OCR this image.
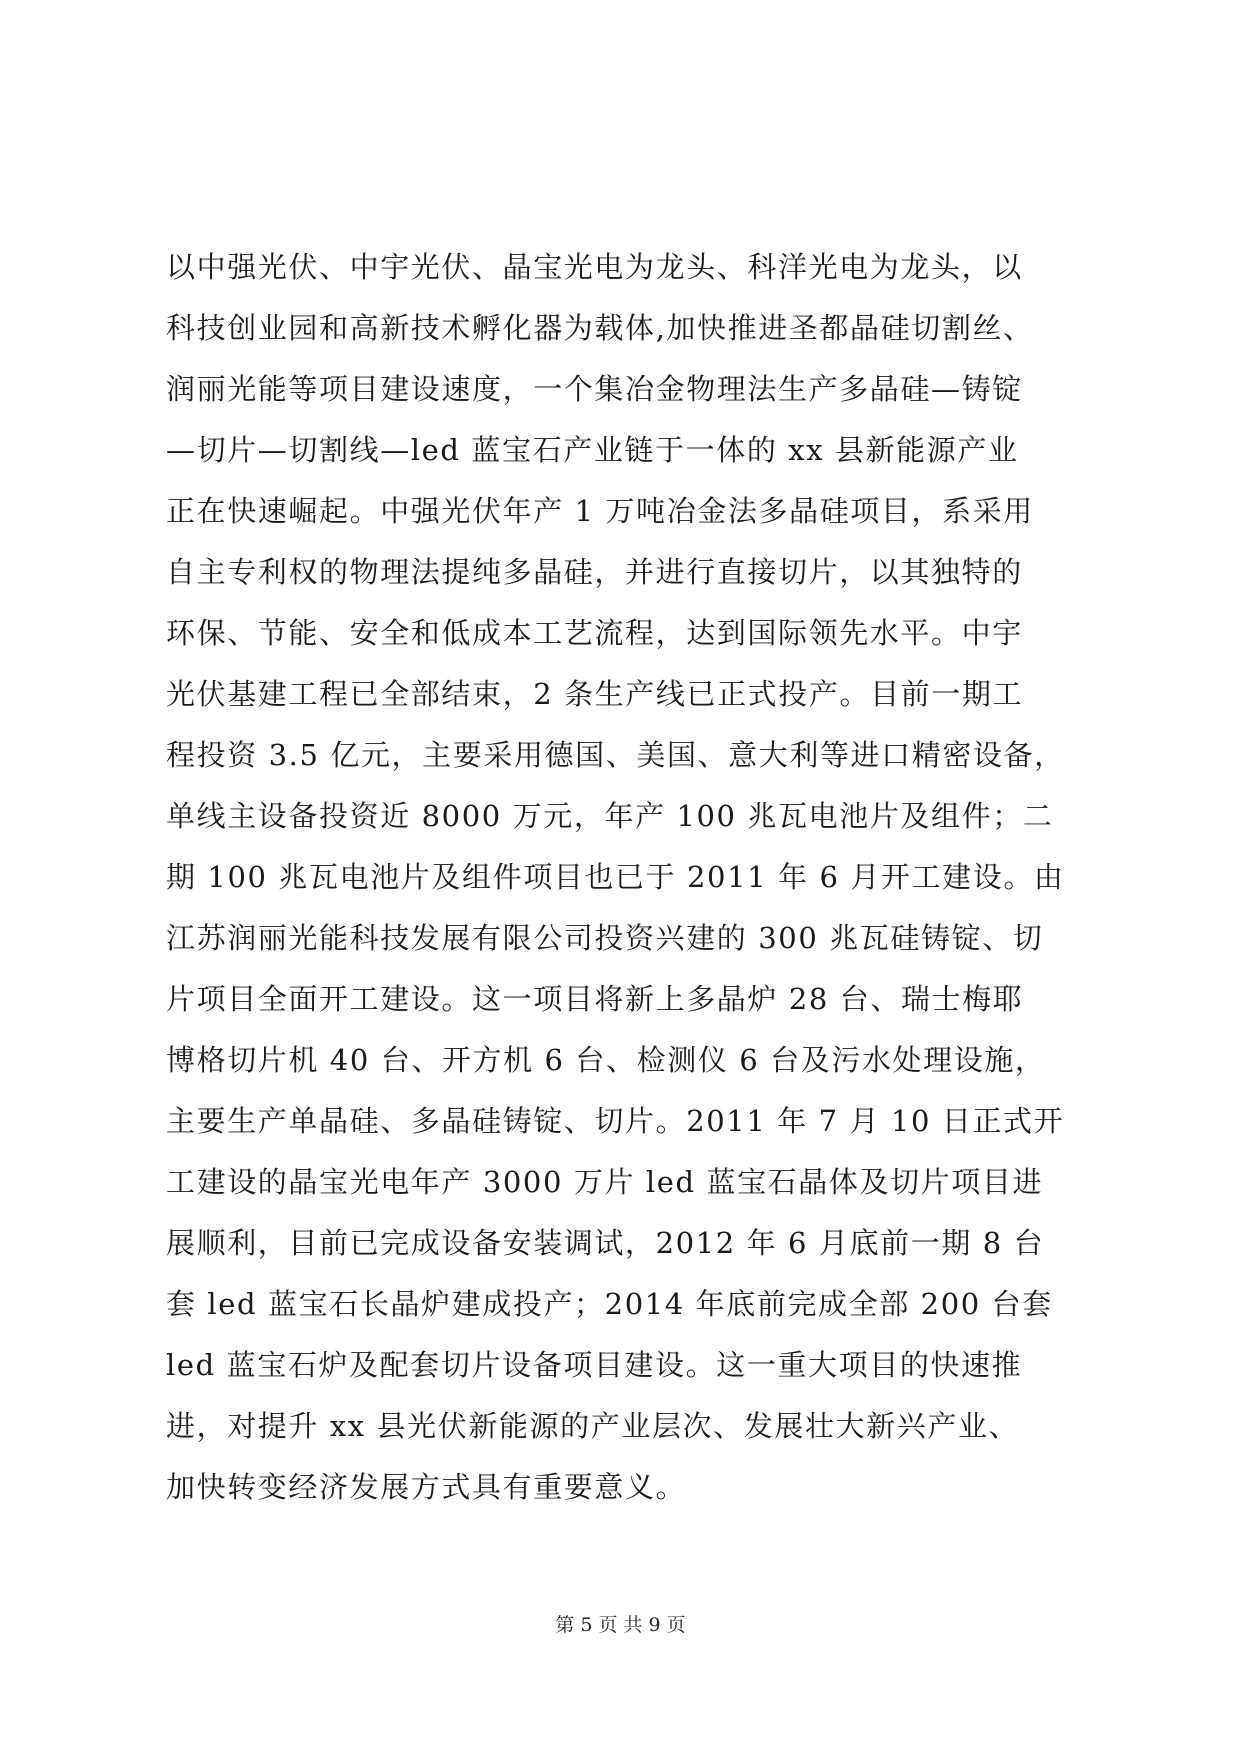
以中强光伏、中宇光伏、晶宝光电为龙头、科洋光电为龙头，以
科技创业园和高新技术孵化器为载体,加快推进圣都晶硅切割丝、
润丽光能等项目建设速度，一个集冶金物理法生产多晶硅—铸锭
—切片—切割线—led 蓝宝石产业链于一体的 xx 县新能源产业
正在快速崛起。中强光伏年产 1 万吨冶金法多晶硅项目，系采用
自主专利权的物理法提纯多晶硅，并进行直接切片，以其独特的
环保、节能、安全和低成本工艺流程，达到国际领先水平。中宇
光伏基建工程已全部结束，2 条生产线已正式投产。目前一期工
程投资 3.5 亿元，主要采用德国、美国、意大利等进口精密设备，
单线主设备投资近 8000 万元，年产 100 兆瓦电池片及组件；二
期 100 兆瓦电池片及组件项目也已于 2011 年 6 月开工建设。由
江苏润丽光能科技发展有限公司投资兴建的 300 兆瓦硅铸锭、切
片项目全面开工建设。这一项目将新上多晶炉 28 台、瑞士梅耶
博格切片机 40 台、开方机 6 台、检测仪 6 台及污水处理设施，
主要生产单晶硅、多晶硅铸锭、切片。2011 年 7 月 10 日正式开
工建设的晶宝光电年产 3000 万片 led 蓝宝石晶体及切片项目进
展顺利，目前已完成设备安装调试，2012 年 6 月底前一期 8 台
套 led 蓝宝石长晶炉建成投产；2014 年底前完成全部 200 台套
led 蓝宝石炉及配套切片设备项目建设。这一重大项目的快速推
进，对提升 xx 县光伏新能源的产业层次、发展壮大新兴产业、
加快转变经济发展方式具有重要意义。
第 5 页 共 9 页
